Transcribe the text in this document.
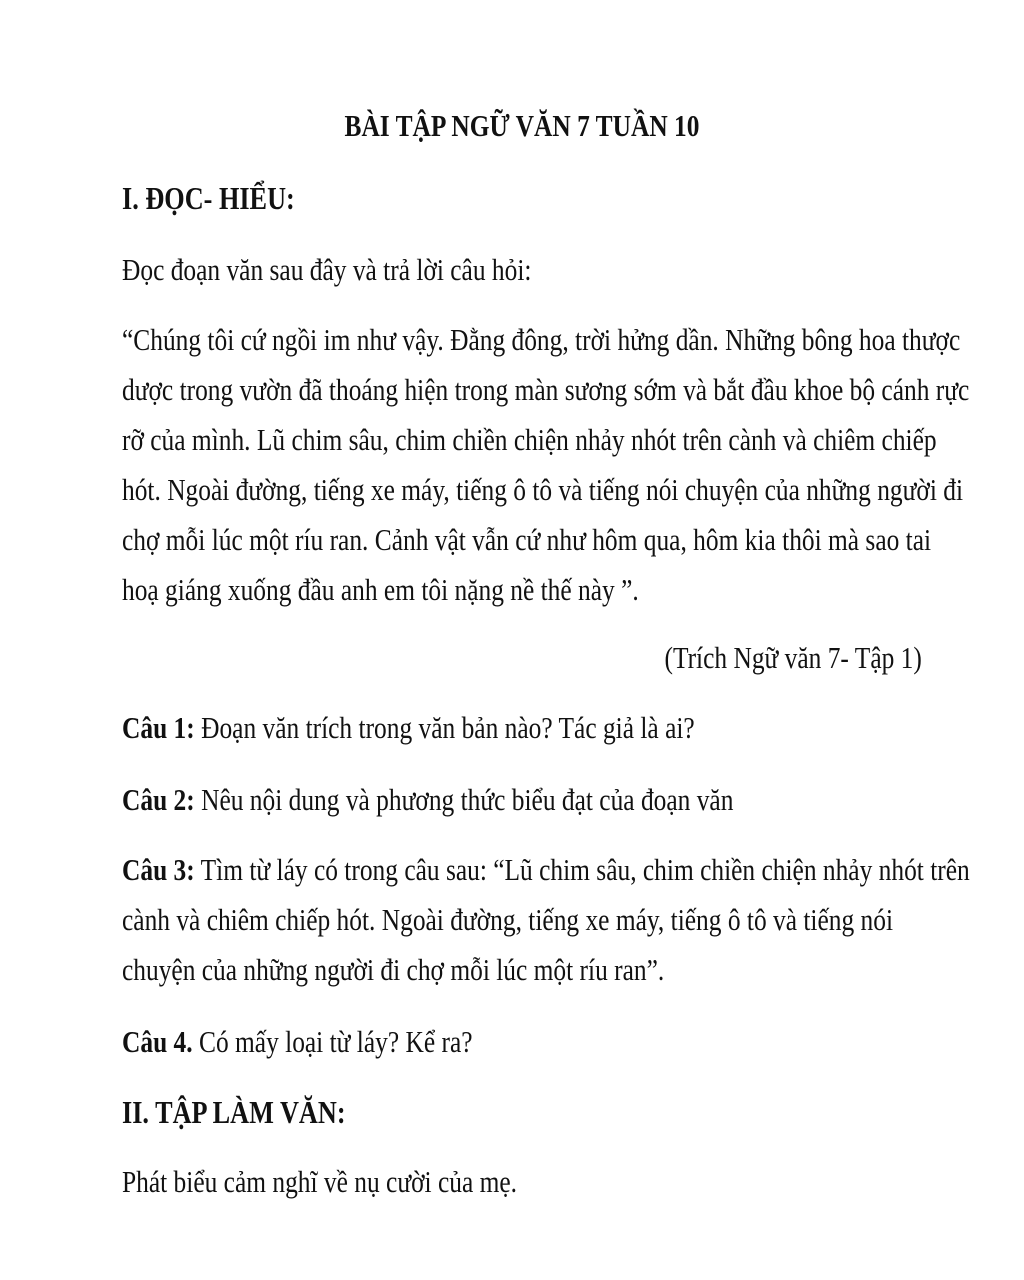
BÀI TẬP NGỮ VĂN 7 TUẦN 10
I. ĐỌC- HIỂU:
Đọc đoạn văn sau đây và trả lời câu hỏi:
“Chúng tôi cứ ngồi im như vậy. Đằng đông, trời hửng dần. Những bông hoa thược
dược trong vườn đã thoáng hiện trong màn sương sớm và bắt đầu khoe bộ cánh rực
rỡ của mình. Lũ chim sâu, chim chiền chiện nhảy nhót trên cành và chiêm chiếp
hót. Ngoài đường, tiếng xe máy, tiếng ô tô và tiếng nói chuyện của những người đi
chợ mỗi lúc một ríu ran. Cảnh vật vẫn cứ như hôm qua, hôm kia thôi mà sao tai
hoạ giáng xuống đầu anh em tôi nặng nề thế này ”.
(Trích Ngữ văn 7- Tập 1)
Câu 1: Đoạn văn trích trong văn bản nào? Tác giả là ai?
Câu 2: Nêu nội dung và phương thức biểu đạt của đoạn văn
Câu 3: Tìm từ láy có trong câu sau: “Lũ chim sâu, chim chiền chiện nhảy nhót trên
cành và chiêm chiếp hót. Ngoài đường, tiếng xe máy, tiếng ô tô và tiếng nói
chuyện của những người đi chợ mỗi lúc một ríu ran”.
Câu 4. Có mấy loại từ láy? Kể ra?
II. TẬP LÀM VĂN:
Phát biểu cảm nghĩ về nụ cười của mẹ.
